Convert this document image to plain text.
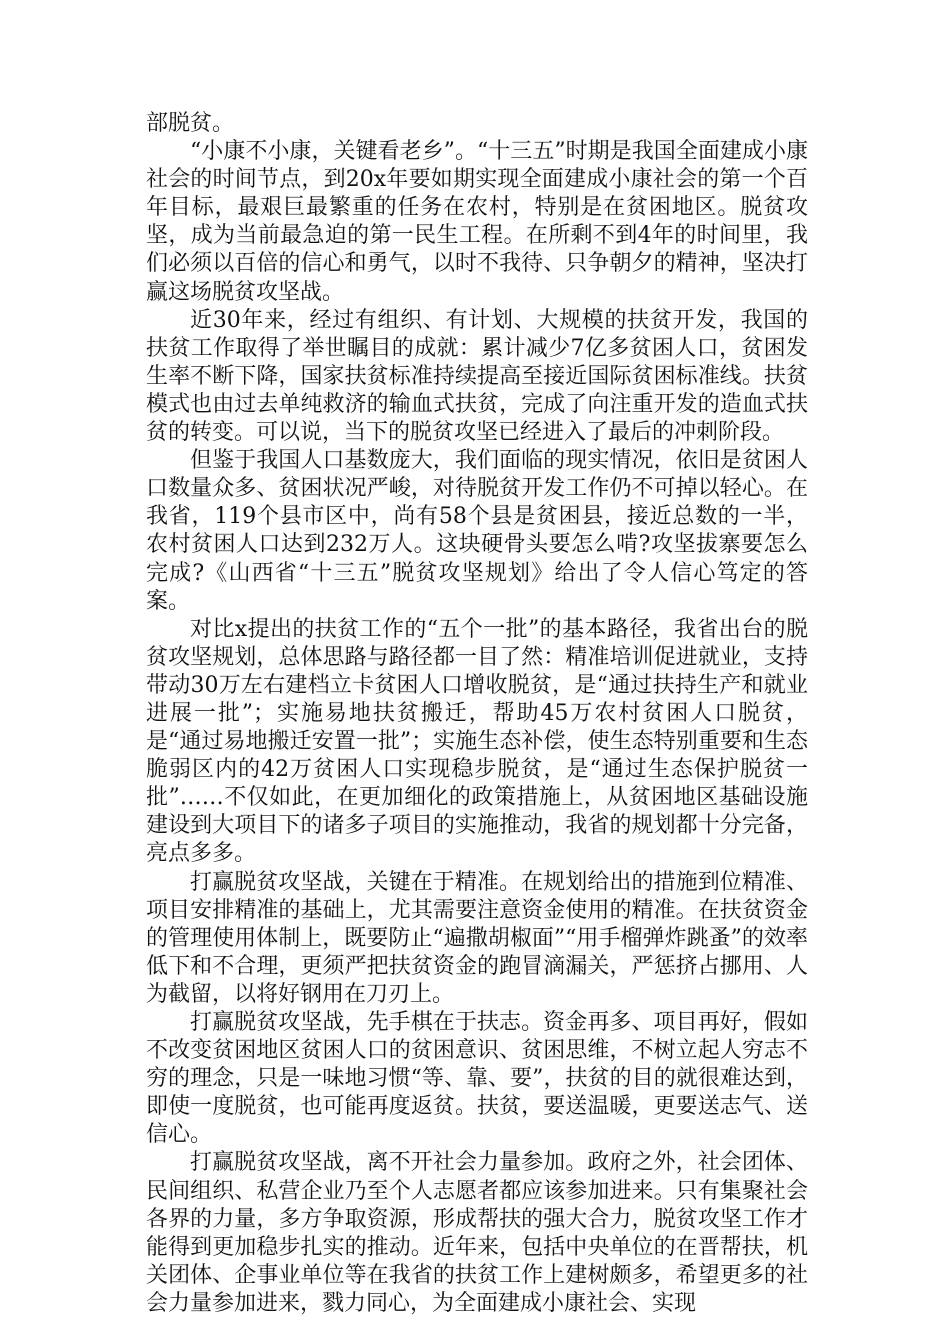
部脱贫。

“小康不小康，关键看老乡”。“十三五”时期是我国全面建成小康社会的时间节点，到20x年要如期实现全面建成小康社会的第一个百年目标，最艰巨最繁重的任务在农村，特别是在贫困地区。脱贫攻坚，成为当前最急迫的第一民生工程。在所剩不到4年的时间里，我们必须以百倍的信心和勇气，以时不我待、只争朝夕的精神，坚决打赢这场脱贫攻坚战。

近30年来，经过有组织、有计划、大规模的扶贫开发，我国的扶贫工作取得了举世瞩目的成就：累计减少7亿多贫困人口，贫困发生率不断下降，国家扶贫标准持续提高至接近国际贫困标准线。扶贫模式也由过去单纯救济的输血式扶贫，完成了向注重开发的造血式扶贫的转变。可以说，当下的脱贫攻坚已经进入了最后的冲刺阶段。

但鉴于我国人口基数庞大，我们面临的现实情况，依旧是贫困人口数量众多、贫困状况严峻，对待脱贫开发工作仍不可掉以轻心。在我省，119个县市区中，尚有58个县是贫困县，接近总数的一半，农村贫困人口达到232万人。这块硬骨头要怎么啃?攻坚拔寨要怎么完成?《山西省“十三五”脱贫攻坚规划》给出了令人信心笃定的答案。

对比x提出的扶贫工作的“五个一批”的基本路径，我省出台的脱贫攻坚规划，总体思路与路径都一目了然：精准培训促进就业，支持带动30万左右建档立卡贫困人口增收脱贫，是“通过扶持生产和就业进展一批”；实施易地扶贫搬迁，帮助45万农村贫困人口脱贫，是“通过易地搬迁安置一批”；实施生态补偿，使生态特别重要和生态脆弱区内的42万贫困人口实现稳步脱贫，是“通过生态保护脱贫一批”……不仅如此，在更加细化的政策措施上，从贫困地区基础设施建设到大项目下的诸多子项目的实施推动，我省的规划都十分完备，亮点多多。

打赢脱贫攻坚战，关键在于精准。在规划给出的措施到位精准、项目安排精准的基础上，尤其需要注意资金使用的精准。在扶贫资金的管理使用体制上，既要防止“遍撒胡椒面”“用手榴弹炸跳蚤”的效率低下和不合理，更须严把扶贫资金的跑冒滴漏关，严惩挤占挪用、人为截留，以将好钢用在刀刃上。

打赢脱贫攻坚战，先手棋在于扶志。资金再多、项目再好，假如不改变贫困地区贫困人口的贫困意识、贫困思维，不树立起人穷志不穷的理念，只是一味地习惯“等、靠、要”，扶贫的目的就很难达到，即使一度脱贫，也可能再度返贫。扶贫，要送温暖，更要送志气、送信心。

打赢脱贫攻坚战，离不开社会力量参加。政府之外，社会团体、民间组织、私营企业乃至个人志愿者都应该参加进来。只有集聚社会各界的力量，多方争取资源，形成帮扶的强大合力，脱贫攻坚工作才能得到更加稳步扎实的推动。近年来，包括中央单位的在晋帮扶，机关团体、企事业单位等在我省的扶贫工作上建树颇多，希望更多的社会力量参加进来，戮力同心，为全面建成小康社会、实现
